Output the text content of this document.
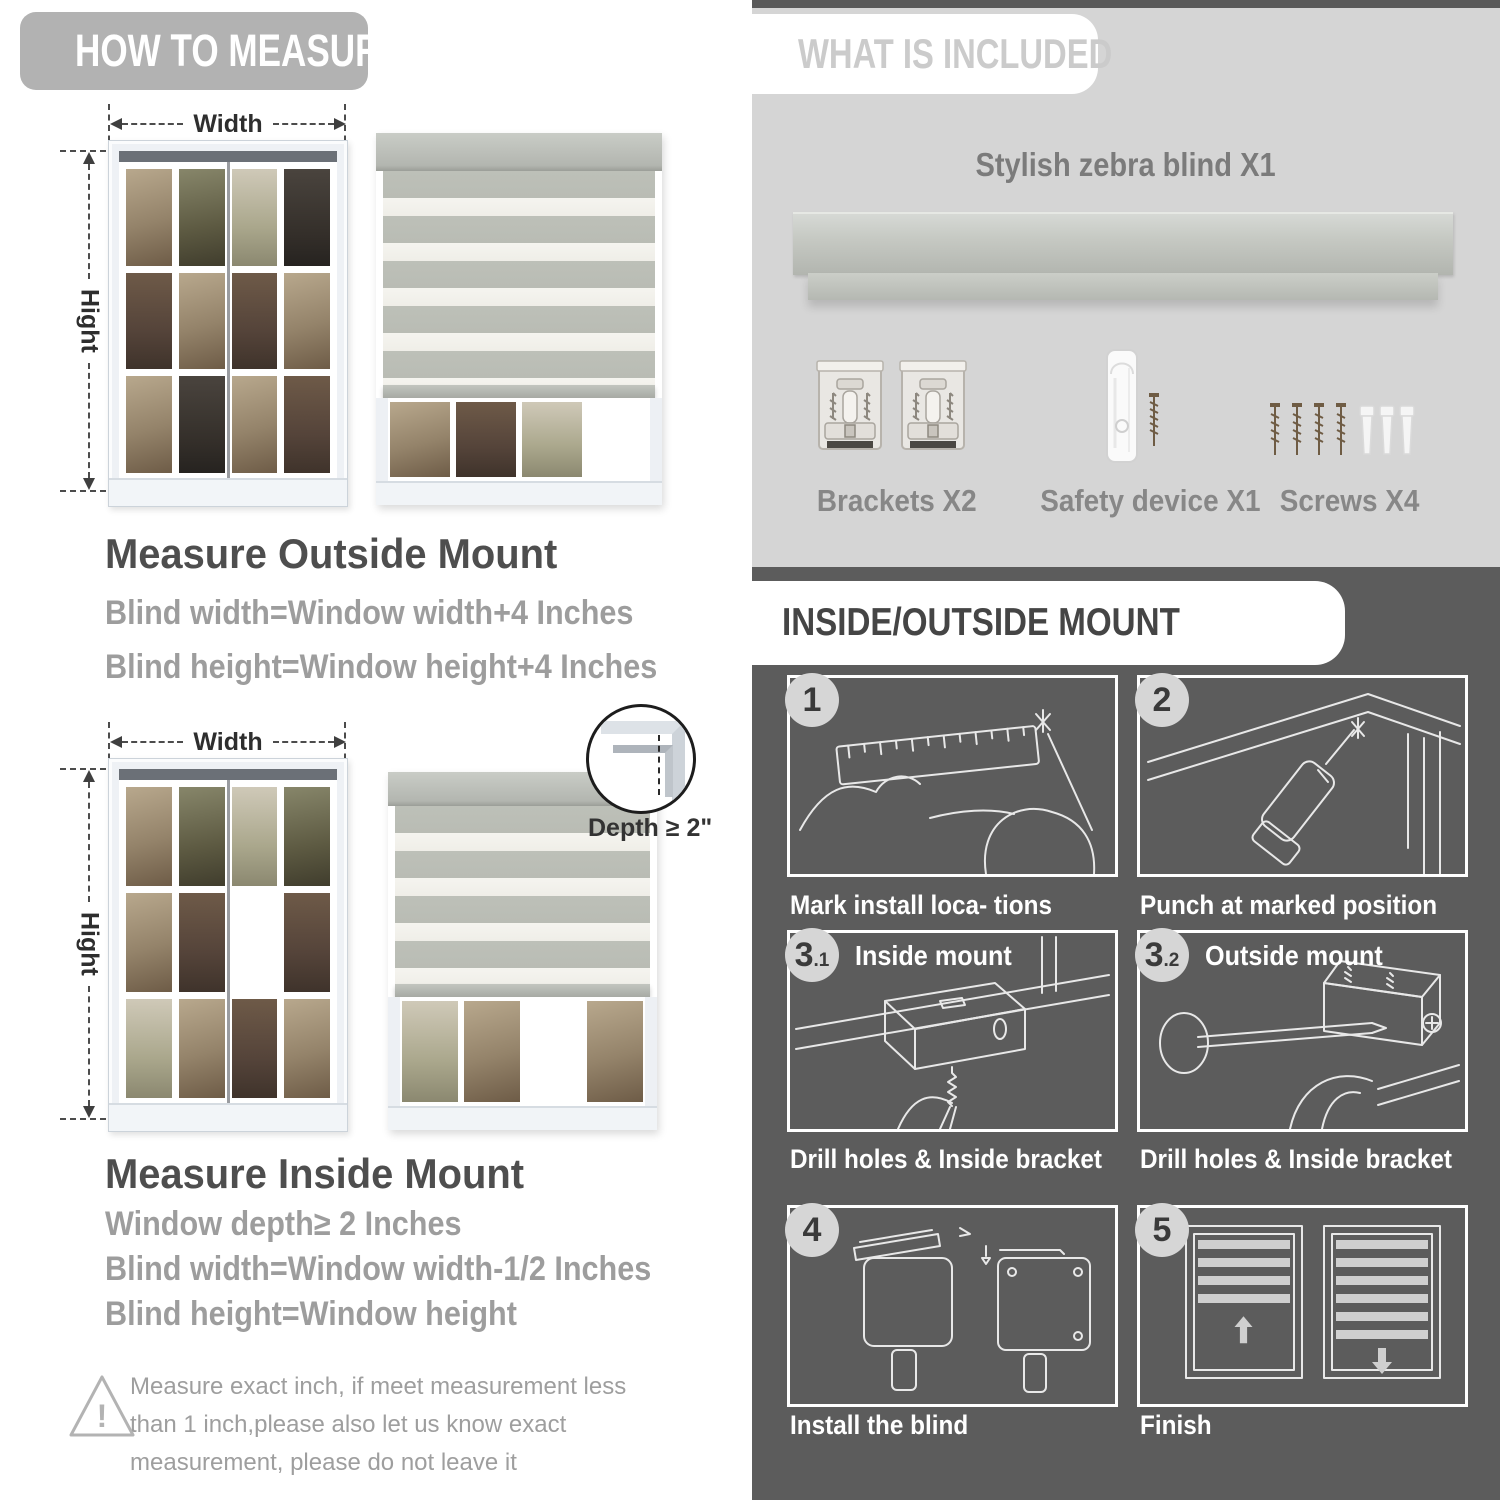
HOW TO MEASURE
Width
Hight
Measure Outside Mount
Blind width=Window width+4 Inches
Blind height=Window height+4 Inches
Width
Hight
Depth ≥ 2"
Measure Inside Mount
Window depth≥ 2 Inches
Blind width=Window width-1/2 Inches
Blind height=Window height
!
Measure exact inch, if meet measurement less
than 1 inch,please also let us know exact
measurement, please do not leave it
WHAT IS INCLUDED
Stylish zebra blind X1
Brackets X2	Safety device X1 Screws X4
INSIDE/OUTSIDE MOUNT
1
Mark install loca- tions
2
Punch at marked position
3 .1 Inside mount
Drill holes & Inside bracket
3 .2 Outside mount
Drill holes & Inside bracket
4
Install the blind
5
Finish
